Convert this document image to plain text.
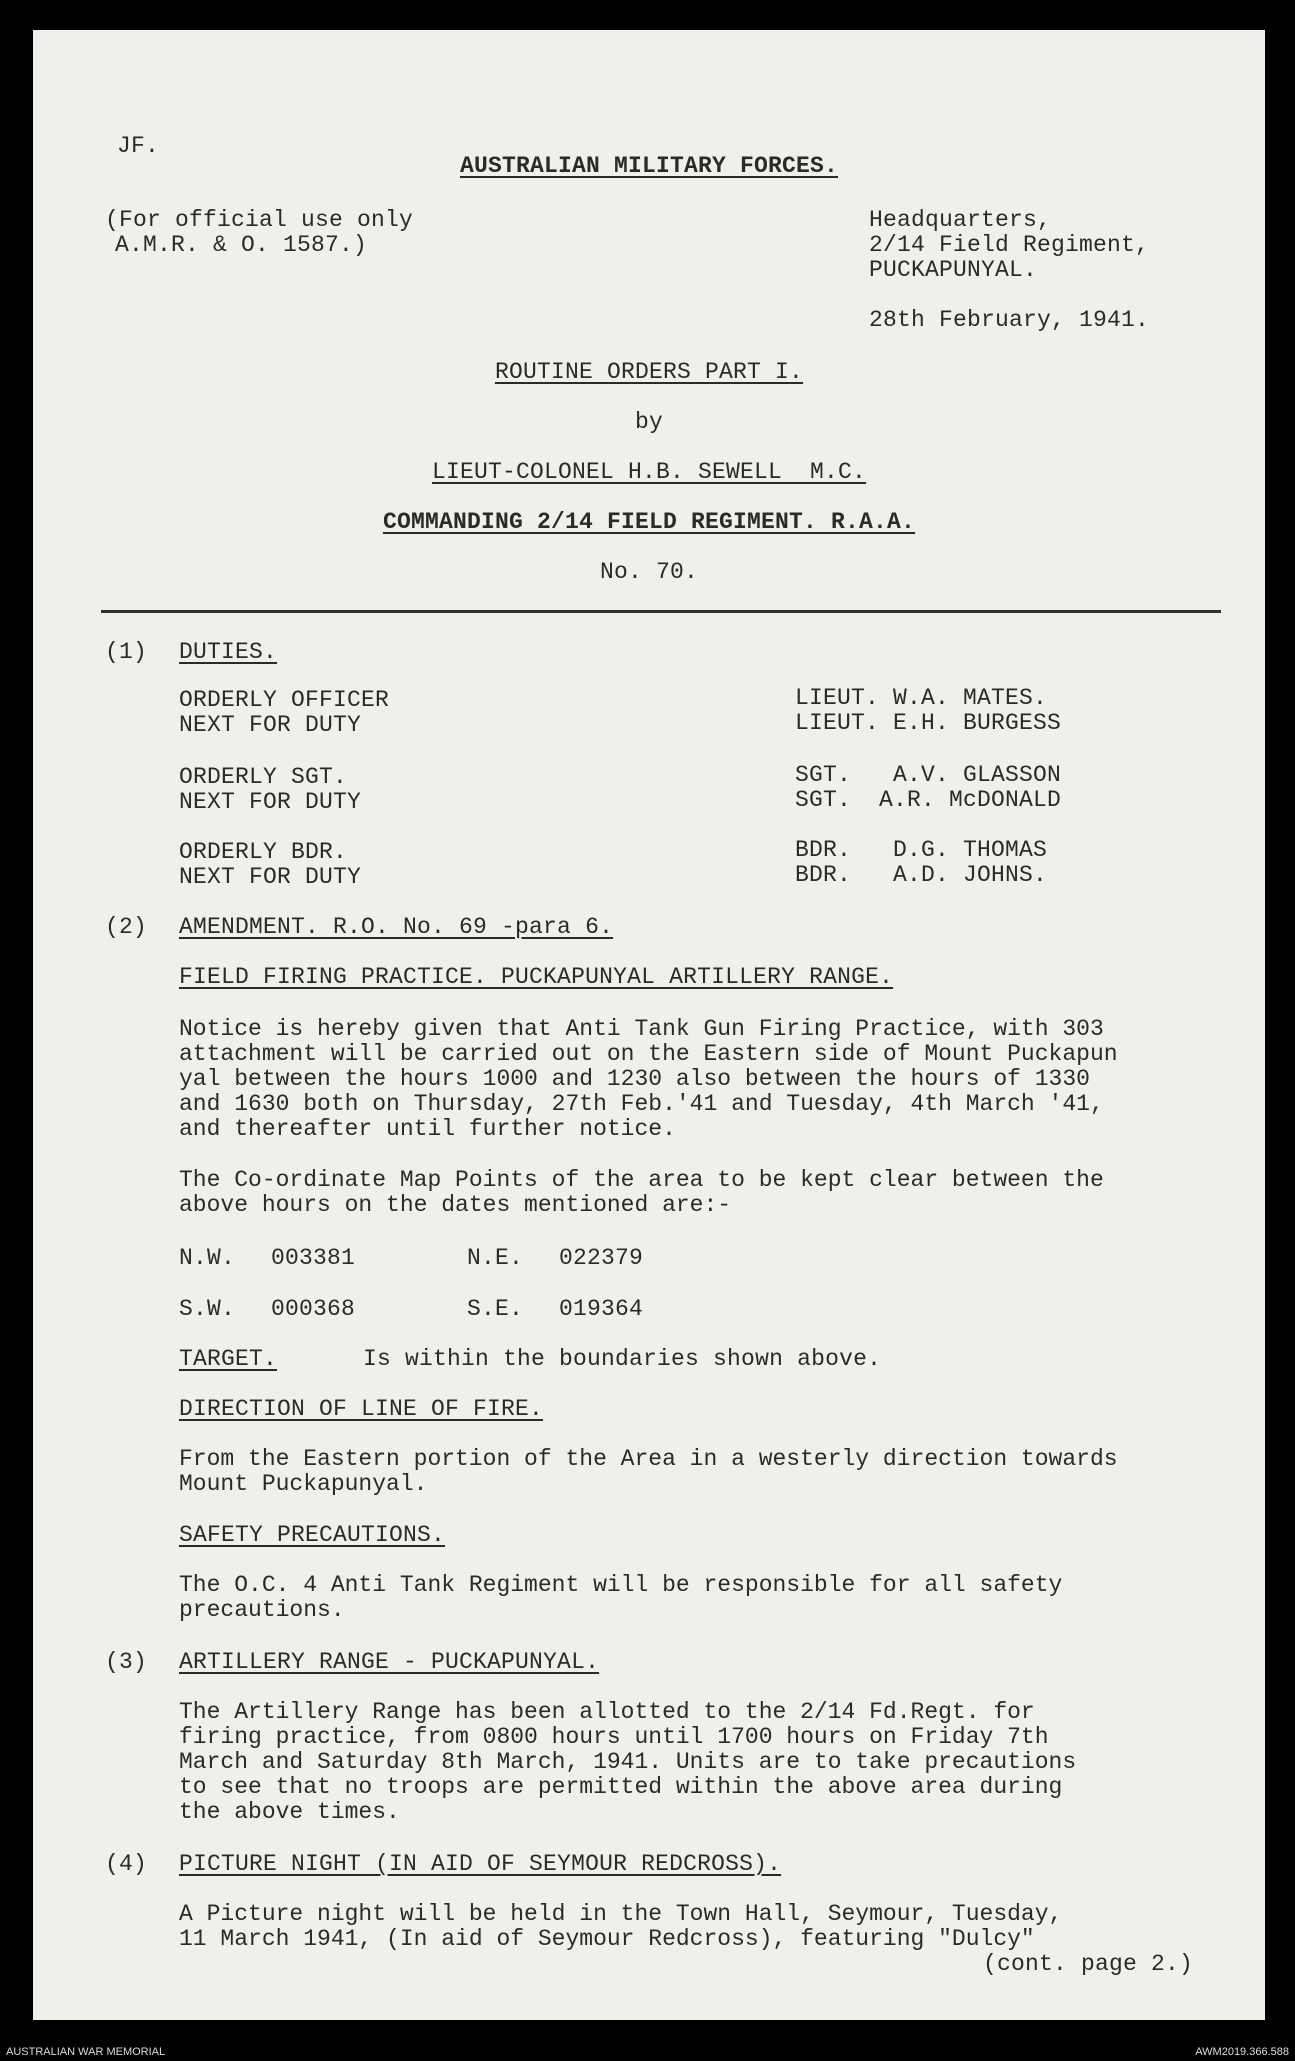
JF.
AUSTRALIAN MILITARY FORCES.
(For official use only
A.M.R. & O. 1587.)
Headquarters,
2/14 Field Regiment,
PUCKAPUNYAL.
28th February, 1941.
ROUTINE ORDERS PART I.
by
LIEUT-COLONEL H.B. SEWELL  M.C.
COMMANDING 2/14 FIELD REGIMENT. R.A.A.
No. 70.
(1) DUTIES.
ORDERLY OFFICER	LIEUT. W.A. MATES.
NEXT FOR DUTY	LIEUT. E.H. BURGESS
ORDERLY SGT.	SGT.   A.V. GLASSON
NEXT FOR DUTY	SGT.  A.R. McDONALD
ORDERLY BDR.	BDR.   D.G. THOMAS
NEXT FOR DUTY	BDR.   A.D. JOHNS.
(2) AMENDMENT. R.O. No. 69 -para 6.
FIELD FIRING PRACTICE. PUCKAPUNYAL ARTILLERY RANGE.
Notice is hereby given that Anti Tank Gun Firing Practice, with 303
attachment will be carried out on the Eastern side of Mount Puckapun
yal between the hours 1000 and 1230 also between the hours of 1330
and 1630 both on Thursday, 27th Feb.'41 and Tuesday, 4th March '41,
and thereafter until further notice.
The Co-ordinate Map Points of the area to be kept clear between the
above hours on the dates mentioned are:-
N.W. 003381	N.E. 022379
S.W. 000368	S.E. 019364
TARGET.	Is within the boundaries shown above.
DIRECTION OF LINE OF FIRE.
From the Eastern portion of the Area in a westerly direction towards
Mount Puckapunyal.
SAFETY PRECAUTIONS.
The O.C. 4 Anti Tank Regiment will be responsible for all safety
precautions.
(3) ARTILLERY RANGE - PUCKAPUNYAL.
The Artillery Range has been allotted to the 2/14 Fd.Regt. for
firing practice, from 0800 hours until 1700 hours on Friday 7th
March and Saturday 8th March, 1941. Units are to take precautions
to see that no troops are permitted within the above area during
the above times.
(4) PICTURE NIGHT (IN AID OF SEYMOUR REDCROSS).
A Picture night will be held in the Town Hall, Seymour, Tuesday,
11 March 1941, (In aid of Seymour Redcross), featuring "Dulcy"
(cont. page 2.)
AUSTRALIAN WAR MEMORIAL	AWM2019.366.588
